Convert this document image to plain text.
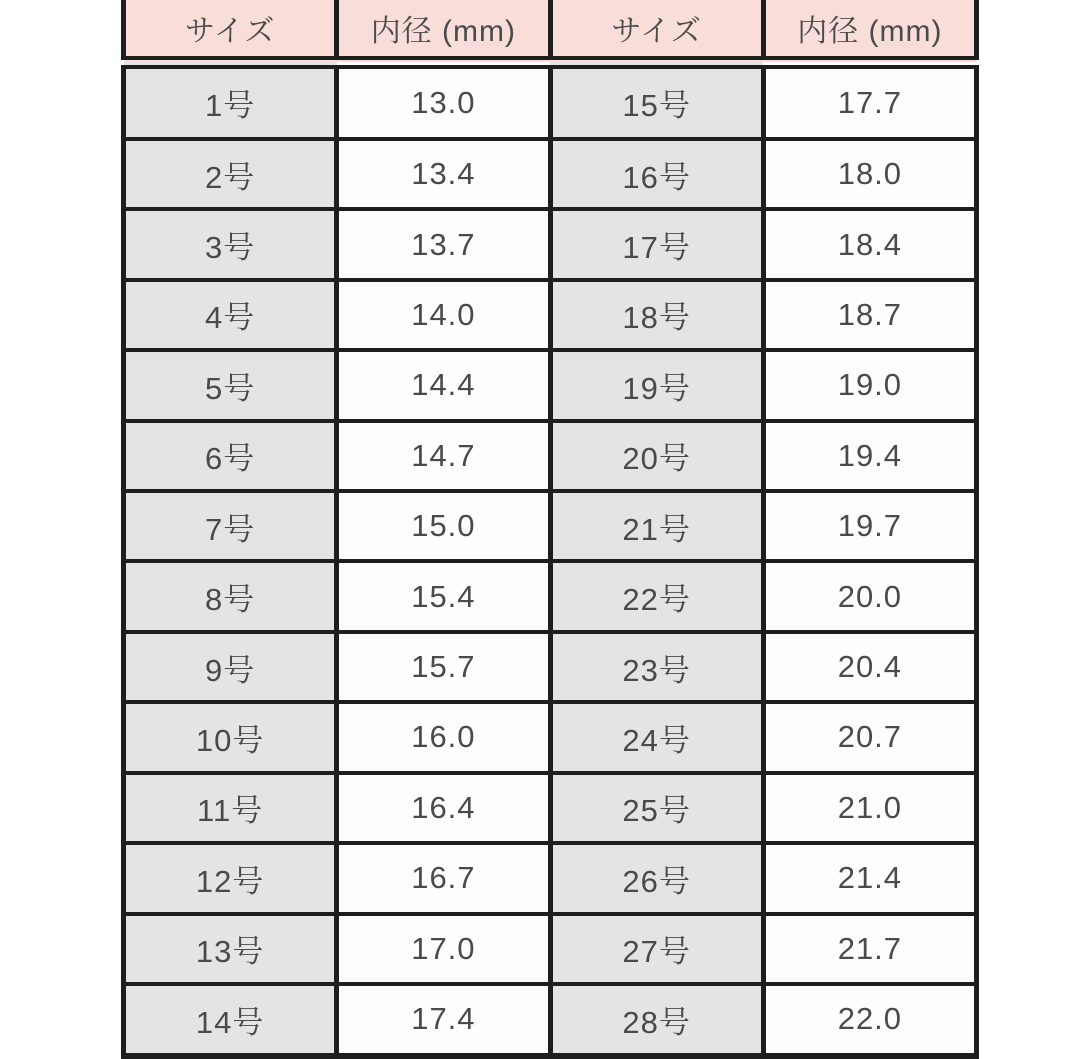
サイズ	内径 (mm)	サイズ	内径 (mm)
1号	13.0	15号	17.7
2号	13.4	16号	18.0
3号	13.7	17号	18.4
4号	14.0	18号	18.7
5号	14.4	19号	19.0
6号	14.7	20号	19.4
7号	15.0	21号	19.7
8号	15.4	22号	20.0
9号	15.7	23号	20.4
10号	16.0	24号	20.7
11号	16.4	25号	21.0
12号	16.7	26号	21.4
13号	17.0	27号	21.7
14号	17.4	28号	22.0
